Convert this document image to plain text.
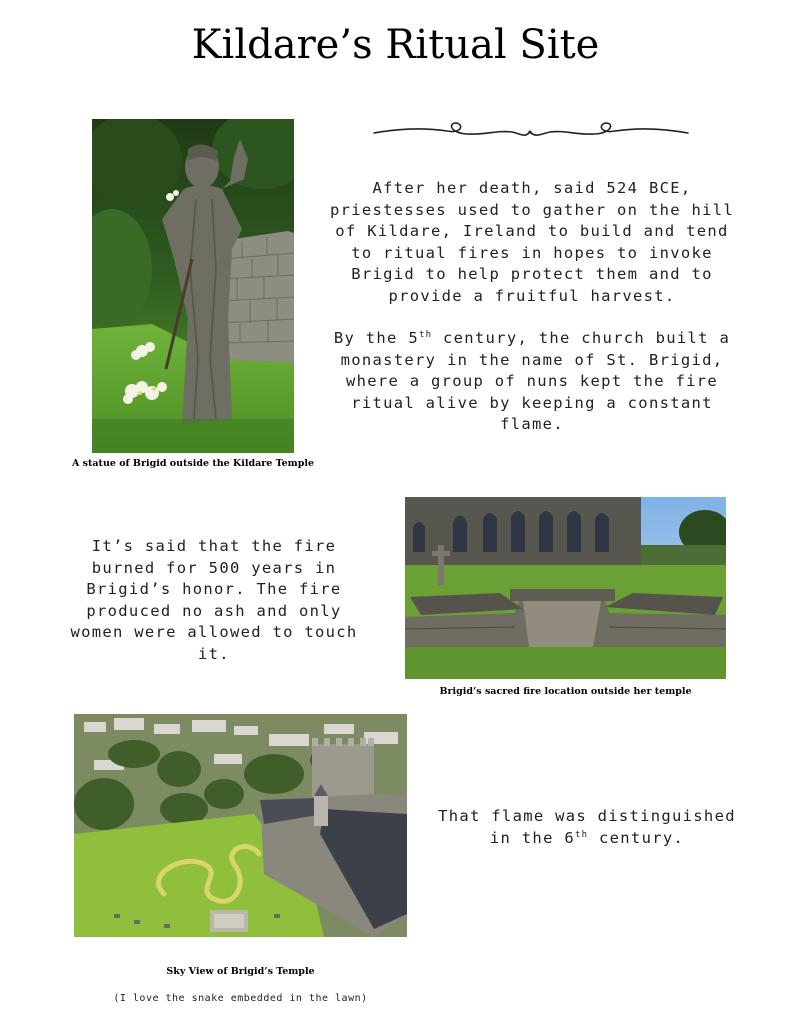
Kildare’s Ritual Site
A statue of Brigid outside the Kildare Temple

After her death, said 524 BCE, priestesses used to gather on the hill of Kildare, Ireland to build and tend to ritual fires in hopes to invoke Brigid to help protect them and to provide a fruitful harvest.

By the 5th century, the church built a monastery in the name of St. Brigid, where a group of nuns kept the fire ritual alive by keeping a constant flame.

It’s said that the fire burned for 500 years in Brigid’s honor. The fire produced no ash and only women were allowed to touch it.
Brigid’s sacred fire location outside her temple
That flame was distinguished in the 6th century.
Sky View of Brigid’s Temple
(I love the snake embedded in the lawn)
